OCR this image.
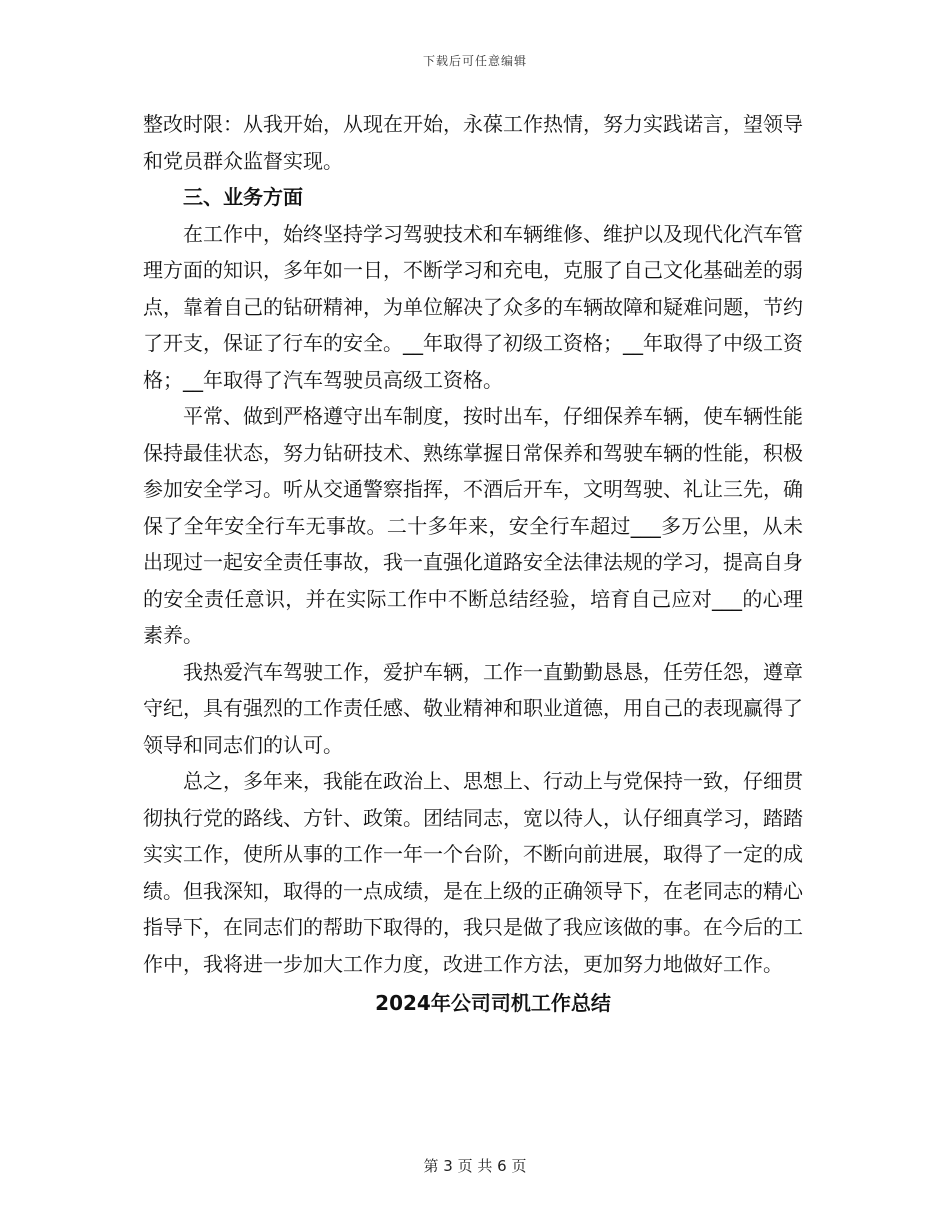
下载后可任意编辑

整改时限：从我开始，从现在开始，永葆工作热情，努力实践诺言，望领导和党员群众监督实现。

三、业务方面

在工作中，始终坚持学习驾驶技术和车辆维修、维护以及现代化汽车管理方面的知识，多年如一日，不断学习和充电，克服了自己文化基础差的弱点，靠着自己的钻研精神，为单位解决了众多的车辆故障和疑难问题，节约了开支，保证了行车的安全。__年取得了初级工资格；__年取得了中级工资格；__年取得了汽车驾驶员高级工资格。

平常、做到严格遵守出车制度，按时出车，仔细保养车辆，使车辆性能保持最佳状态，努力钻研技术、熟练掌握日常保养和驾驶车辆的性能，积极参加安全学习。听从交通警察指挥，不酒后开车，文明驾驶、礼让三先，确保了全年安全行车无事故。二十多年来，安全行车超过___多万公里，从未出现过一起安全责任事故，我一直强化道路安全法律法规的学习，提高自身的安全责任意识，并在实际工作中不断总结经验，培育自己应对___的心理素养。

我热爱汽车驾驶工作，爱护车辆，工作一直勤勤恳恳，任劳任怨，遵章守纪，具有强烈的工作责任感、敬业精神和职业道德，用自己的表现赢得了领导和同志们的认可。

总之，多年来，我能在政治上、思想上、行动上与党保持一致，仔细贯彻执行党的路线、方针、政策。团结同志，宽以待人，认仔细真学习，踏踏实实工作，使所从事的工作一年一个台阶，不断向前进展，取得了一定的成绩。但我深知，取得的一点成绩，是在上级的正确领导下，在老同志的精心指导下，在同志们的帮助下取得的，我只是做了我应该做的事。在今后的工作中，我将进一步加大工作力度，改进工作方法，更加努力地做好工作。

2024年公司司机工作总结

第 3 页 共 6 页
